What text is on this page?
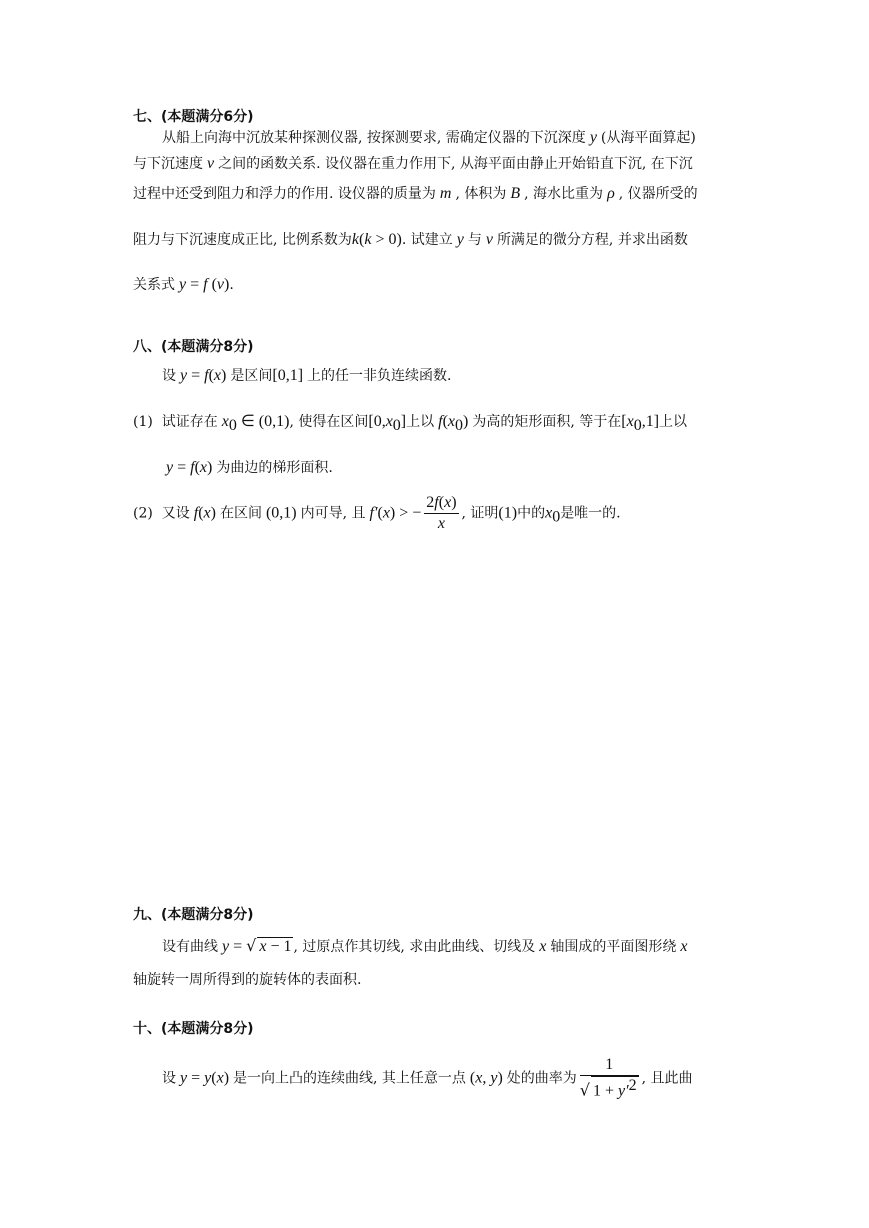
七、(本题满分6分)
从船上向海中沉放某种探测仪器, 按探测要求, 需确定仪器的下沉深度 y (从海平面算起)
与下沉速度 v 之间的函数关系. 设仪器在重力作用下, 从海平面由静止开始铅直下沉, 在下沉
过程中还受到阻力和浮力的作用. 设仪器的质量为 m , 体积为 B , 海水比重为 ρ , 仪器所受的
阻力与下沉速度成正比, 比例系数为k(k > 0). 试建立 y 与 v 所满足的微分方程, 并求出函数
关系式 y = f (v).
八、(本题满分8分)
设 y = f(x) 是区间[0,1] 上的任一非负连续函数.
(1) 试证存在 $x_0$ ∈ (0,1), 使得在区间$[0,x_0]$上以 $f(x_0)$ 为高的矩形面积, 等于在$[x_0,1]$上以
y = f(x) 为曲边的梯形面积.
(2) 又设 f(x) 在区间 (0,1) 内可导, 且 f′(x) > − $\frac{2f(x)}{x}$ , 证明(1)中的$x_0$是唯一的.
九、(本题满分8分)
设有曲线 y = √ x − 1 , 过原点作其切线, 求由此曲线、切线及 x 轴围成的平面图形绕 x
轴旋转一周所得到的旋转体的表面积.
十、(本题满分8分)
设 y = y(x) 是一向上凸的连续曲线, 其上任意一点 (x, y) 处的曲率为 $\frac{1}{√ 1 + y'^2}$ , 且此曲
